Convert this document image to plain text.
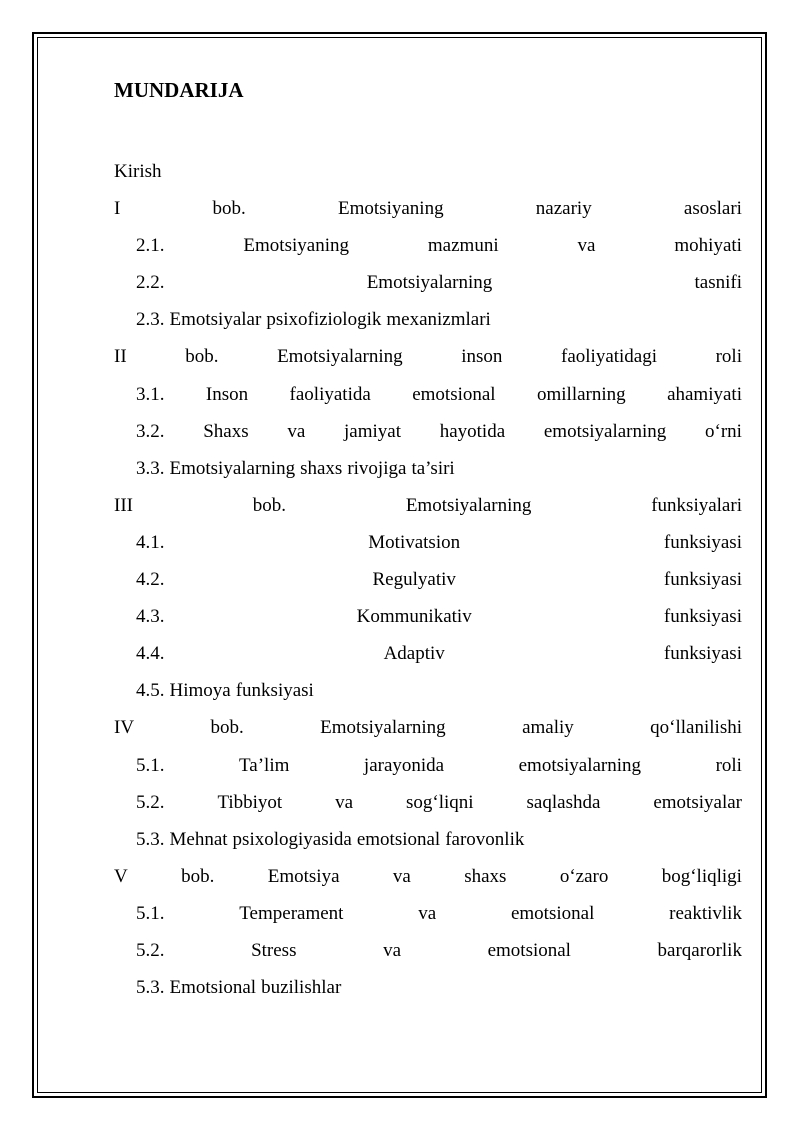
MUNDARIJA
Kirish
I	bob.	Emotsiyaning	nazariy	asoslari
2.1.	Emotsiyaning	mazmuni	va	mohiyati
2.2.	Emotsiyalarning	tasnifi
2.3. Emotsiyalar psixofiziologik mexanizmlari
II	bob.	Emotsiyalarning	inson	faoliyatidagi	roli
3.1. Inson faoliyatida emotsional omillarning ahamiyati
3.2. Shaxs va jamiyat hayotida emotsiyalarning o‘rni
3.3. Emotsiyalarning shaxs rivojiga ta’siri
III	bob.	Emotsiyalarning	funksiyalari
4.1.	Motivatsion	funksiyasi
4.2.	Regulyativ	funksiyasi
4.3.	Kommunikativ	funksiyasi
4.4.	Adaptiv	funksiyasi
4.5. Himoya funksiyasi
IV	bob.	Emotsiyalarning	amaliy	qo‘llanilishi
5.1.	Ta’lim	jarayonida	emotsiyalarning	roli
5.2.	Tibbiyot	va	sog‘liqni	saqlashda	emotsiyalar
5.3. Mehnat psixologiyasida emotsional farovonlik
V	bob.	Emotsiya	va	shaxs	o‘zaro	bog‘liqligi
5.1.	Temperament	va	emotsional	reaktivlik
5.2.	Stress	va	emotsional	barqarorlik
5.3. Emotsional buzilishlar
